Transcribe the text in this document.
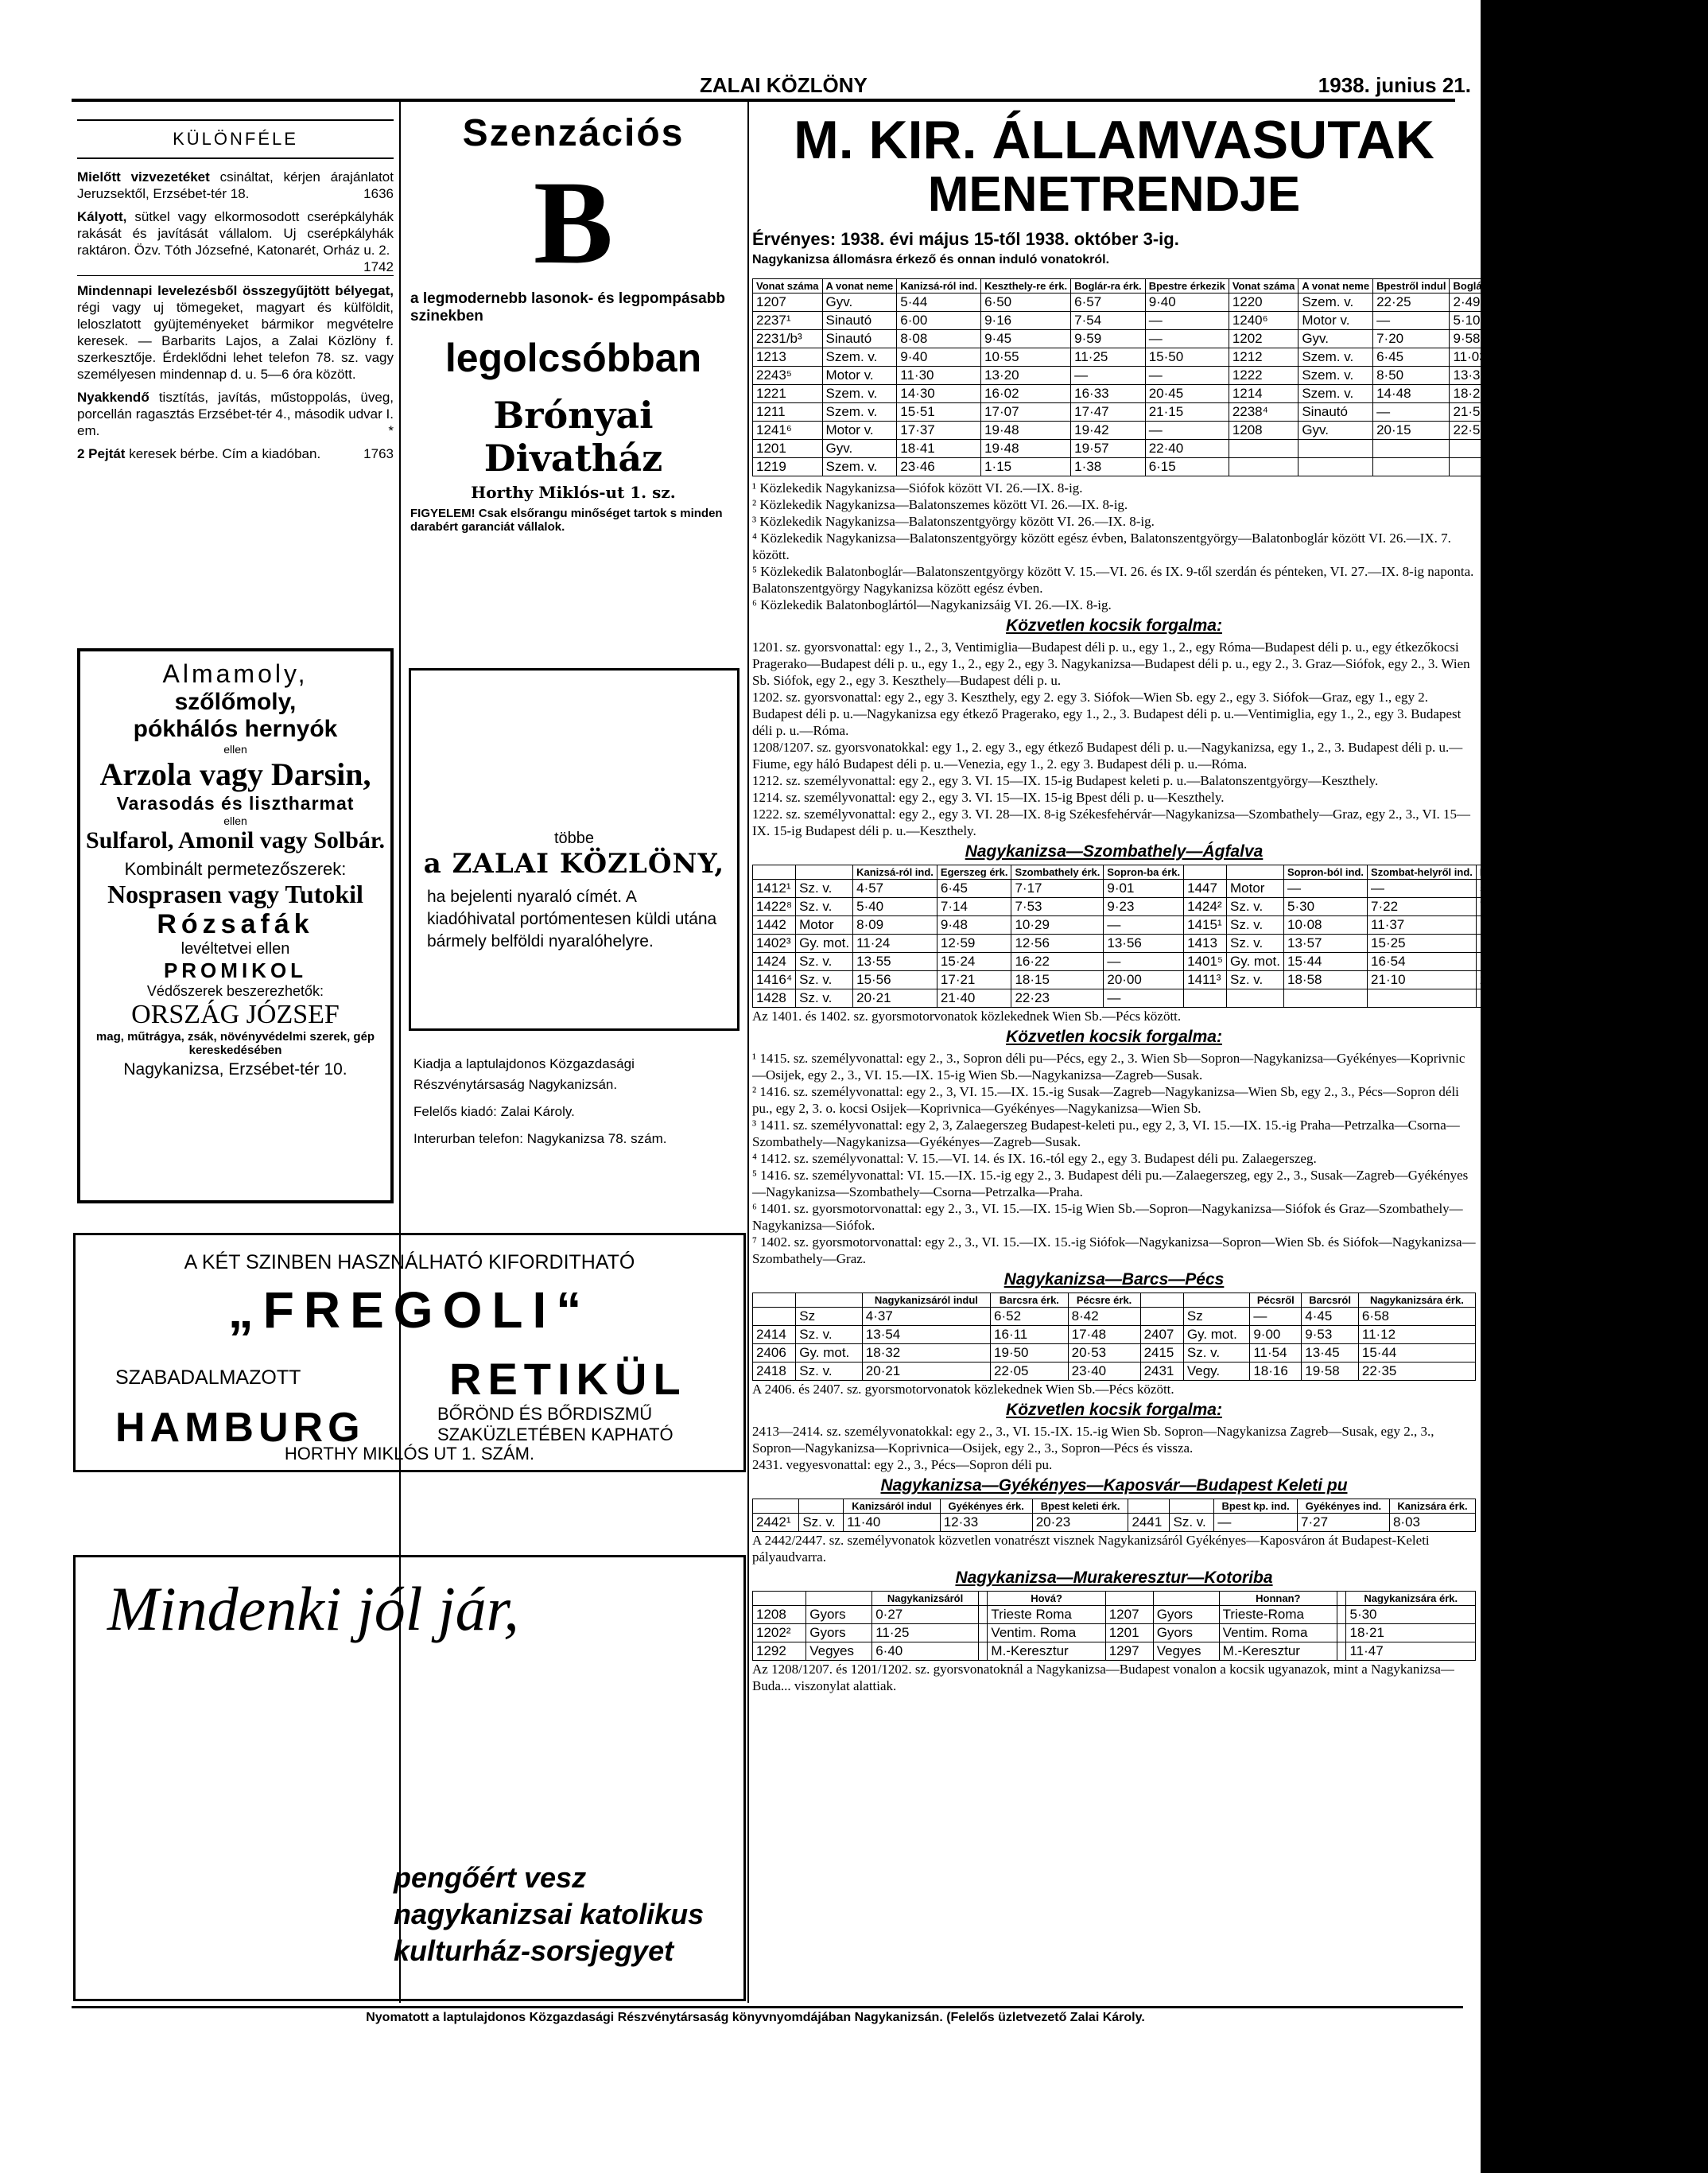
ZALAI KÖZLÖNY	1938. junius 21.
KÜLÖNFÉLE

Mielőtt vizvezetéket csináltat, kérjen árajánlatot Jeruzsektől, Erzsébet-tér 18.	1636

Kályott, sütkel vagy elkormosodott cserépkályhák rakását és javítását vállalom. Uj cserépkályhák raktáron. Özv. Tóth Józsefné, Katonarét, Orház u. 2.
1742

Mindennapi levelezésből összegyűjtött bélyegat, régi vagy uj tömegeket, magyart és külföldit, leloszlatott gyüjteményeket bármikor megvételre keresek. — Barbarits Lajos, a Zalai Közlöny f. szerkesztője. Érdeklődni lehet telefon 78. sz. vagy személyesen mindennap d. u. 5—6 óra között.

Nyakkendő tisztítás, javítás, műstoppolás, üveg, porcellán ragasztás Erzsébet-tér 4., második udvar I. em.	*

2 Pejtát keresek bérbe. Cím a kiadóban.	1763

Almamoly,
szőlőmoly,
pókhálós hernyók
ellen
Arzola vagy Darsin,
Varasodás és lisztharmat
ellen
Sulfarol, Amonil vagy Solbár.
Kombinált permetezőszerek:
Nosprasen vagy Tutokil
Rózsafák
levéltetvei ellen
PROMIKOL
Védőszerek beszerezhetők:
ORSZÁG JÓZSEF
mag, műtrágya, zsák, növényvédelmi szerek, gép kereskedésében
Nagykanizsa, Erzsébet-tér 10.
Szenzációs
B
a legmodernebb lasonok- és legpompásabb szinekben
legolcsóbban
Brónyai Divatház
Horthy Miklós-ut 1. sz.
FIGYELEM! Csak elsőrangu minőséget tartok s minden darabért garanciát vállalok.
többe
a ZALAI KÖZLÖNY,
ha bejelenti nyaraló címét. A kiadóhivatal portómentesen küldi utána bármely belföldi nyaralóhelyre.
Kiadja a laptulajdonos Közgazdasági Részvénytársaság Nagykanizsán.
Felelős kiadó: Zalai Károly.
Interurban telefon: Nagykanizsa 78. szám.
A KÉT SZINBEN HASZNÁLHATÓ KIFORDITHATÓ
„FREGOLI“
SZABADALMAZOTT	RETIKÜL
HAMBURG	BŐRÖND ÉS BŐRDISZMŰ SZAKÜZLETÉBEN KAPHATÓ
HORTHY MIKLÓS UT 1. SZÁM.
Mindenki jól jár,
pengőért vesz nagykanizsai katolikus kulturház-sorsjegyet
M. KIR. ÁLLAMVASUTAK
MENETRENDJE
Érvényes: 1938. évi május 15-től 1938. október 3-ig.
Nagykanizsa állomásra érkező és onnan induló vonatokról.
Vonat száma	A vonat neme	Kanizsá-ról ind.	Keszthely-re érk.	Boglár-ra érk.	Bpestre érkezik	Vonat száma	A vonat neme	Bpestről indul	Boglár-ról ind.	Keszthely-ről indul	Kanizsá-ra érk.
1207	Gyv.	5·44	6·50	6·57	9·40	1220	Szem. v.	22·25	2·49	3·16	4·37
2237¹	Sinautó	6·00	9·16	7·54	—	1240⁶	Motor v.	—	5·10	5·50	7·30
2231/b³	Sinautó	8·08	9·45	9·59	—	1202	Gyv.	7·20	9·58	10·05	11·15
1213	Szem. v.	9·40	10·55	11·25	15·50	1212	Szem. v.	6·45	11·03	11·10	12·55
2243⁵	Motor v.	11·30	13·20	—	—	1222	Szem. v.	8·50	13·36	14·05	15·28
1221	Szem. v.	14·30	16·02	16·33	20·45	1214	Szem. v.	14·48	18·25	18·55	20·16
1211	Szem. v.	15·51	17·07	17·47	21·15	2238⁴	Sinautó	—	21·52	20·45	23·34
1241⁶	Motor v.	17·37	19·48	19·42	—	1208	Gyv.	20·15	22·55	23·05	0·04
1201	Gyv.	18·41	19·48	19·57	22·40						
1219	Szem. v.	23·46	1·15	1·38	6·15						
¹ Közlekedik Nagykanizsa—Siófok között VI. 26.—IX. 8-ig.
² Közlekedik Nagykanizsa—Balatonszemes között VI. 26.—IX. 8-ig.
³ Közlekedik Nagykanizsa—Balatonszentgyörgy között VI. 26.—IX. 8-ig.
⁴ Közlekedik Nagykanizsa—Balatonszentgyörgy között egész évben, Balatonszentgyörgy—Balatonboglár között VI. 26.—IX. 7. között.
⁵ Közlekedik Balatonboglár—Balatonszentgyörgy között V. 15.—VI. 26. és IX. 9-től szerdán és pénteken, VI. 27.—IX. 8-ig naponta. Balatonszentgyörgy Nagykanizsa között egész évben.
⁶ Közlekedik Balatonboglártól—Nagykanizsáig VI. 26.—IX. 8-ig.
Közvetlen kocsik forgalma:
1201. sz. gyorsvonattal: egy 1., 2., 3, Ventimiglia—Budapest déli p. u., egy 1., 2., egy Róma—Budapest déli p. u., egy étkezőkocsi Pragerako—Budapest déli p. u., egy 1., 2., egy 2., egy 3. Nagykanizsa—Budapest déli p. u., egy 2., 3. Graz—Siófok, egy 2., 3. Wien Sb. Siófok, egy 2., egy 3. Keszthely—Budapest déli p. u.
1202. sz. gyorsvonattal: egy 2., egy 3. Keszthely, egy 2. egy 3. Siófok—Wien Sb. egy 2., egy 3. Siófok—Graz, egy 1., egy 2. Budapest déli p. u.—Nagykanizsa egy étkező Pragerako, egy 1., 2., 3. Budapest déli p. u.—Ventimiglia, egy 1., 2., egy 3. Budapest déli p. u.—Róma.
1208/1207. sz. gyorsvonatokkal: egy 1., 2. egy 3., egy étkező Budapest déli p. u.—Nagykanizsa, egy 1., 2., 3. Budapest déli p. u.—Fiume, egy háló Budapest déli p. u.—Venezia, egy 1., 2. egy 3. Budapest déli p. u.—Róma.
1212. sz. személyvonattal: egy 2., egy 3. VI. 15—IX. 15-ig Budapest keleti p. u.—Balatonszentgyörgy—Keszthely.
1214. sz. személyvonattal: egy 2., egy 3. VI. 15—IX. 15-ig Bpest déli p. u—Keszthely.
1222. sz. személyvonattal: egy 2., egy 3. VI. 28—IX. 8-ig Székesfehérvár—Nagykanizsa—Szombathely—Graz, egy 2., 3., VI. 15—IX. 15-ig Budapest déli p. u.—Keszthely.
Nagykanizsa—Szombathely—Ágfalva
		Kanizsá-ról ind.	Egerszeg érk.	Szombathely érk.	Sopron-ba érk.			Sopron-ból ind.	Szombat-helyről ind.	Egerszeg ind.	Kanizsá-ra érk.
1412¹	Sz. v.	4·57	6·45	7·17	9·01	1447	Motor	—	—	5·60	7·25
1422⁸	Sz. v.	5·40	7·14	7·53	9·23	1424²	Sz. v.	5·30	7·22	7·56	9·32
1442	Motor	8·09	9·48	10·29	—	1415¹	Sz. v.	10·08	11·37	11·52	13·45
1402³	Gy. mot.	11·24	12·59	12·56	13·56	1413	Sz. v.	13·57	15·25	16·09	17·34
1424	Sz. v.	13·55	15·24	16·22	—	1401⁵	Gy. mot.	15·44	16·54	17·23	18·27
1416⁴	Sz. v.	15·56	17·21	18·15	20·00	1411³	Sz. v.	18·58	21·10	21·47	23·26
1428	Sz. v.	20·21	21·40	22·23	—						
Az 1401. és 1402. sz. gyorsmotorvonatok közlekednek Wien Sb.—Pécs között.
Közvetlen kocsik forgalma:
¹ 1415. sz. személyvonattal: egy 2., 3., Sopron déli pu—Pécs, egy 2., 3. Wien Sb—Sopron—Nagykanizsa—Gyékényes—Koprivnic—Osijek, egy 2., 3., VI. 15.—IX. 15-ig Wien Sb.—Nagykanizsa—Zagreb—Susak.
² 1416. sz. személyvonattal: egy 2., 3, VI. 15.—IX. 15.-ig Susak—Zagreb—Nagykanizsa—Wien Sb, egy 2., 3., Pécs—Sopron déli pu., egy 2, 3. o. kocsi Osijek—Koprivnica—Gyékényes—Nagykanizsa—Wien Sb.
³ 1411. sz. személyvonattal: egy 2, 3, Zalaegerszeg Budapest-keleti pu., egy 2, 3, VI. 15.—IX. 15.-ig Praha—Petrzalka—Csorna—Szombathely—Nagykanizsa—Gyékényes—Zagreb—Susak.
⁴ 1412. sz. személyvonattal: V. 15.—VI. 14. és IX. 16.-tól egy 2., egy 3. Budapest déli pu. Zalaegerszeg.
⁵ 1416. sz. személyvonattal: VI. 15.—IX. 15.-ig egy 2., 3. Budapest déli pu.—Zalaegerszeg, egy 2., 3., Susak—Zagreb—Gyékényes—Nagykanizsa—Szombathely—Csorna—Petrzalka—Praha.
⁶ 1401. sz. gyorsmotorvonattal: egy 2., 3., VI. 15.—IX. 15-ig Wien Sb.—Sopron—Nagykanizsa—Siófok és Graz—Szombathely—Nagykanizsa—Siófok.
⁷ 1402. sz. gyorsmotorvonattal: egy 2., 3., VI. 15.—IX. 15.-ig Siófok—Nagykanizsa—Sopron—Wien Sb. és Siófok—Nagykanizsa—Szombathely—Graz.
Nagykanizsa—Barcs—Pécs
		Nagykanizsáról indul	Barcsra érk.	Pécsre érk.			Pécsről	Barcsról	Nagykanizsára érk.
	Sz	4·37	6·52	8·42		Sz	—	4·45	6·58
2414	Sz. v.	13·54	16·11	17·48	2407	Gy. mot.	9·00	9·53	11·12
2406	Gy. mot.	18·32	19·50	20·53	2415	Sz. v.	11·54	13·45	15·44
2418	Sz. v.	20·21	22·05	23·40	2431	Vegy.	18·16	19·58	22·35
A 2406. és 2407. sz. gyorsmotorvonatok közlekednek Wien Sb.—Pécs között.
Közvetlen kocsik forgalma:
2413—2414. sz. személyvonatokkal: egy 2., 3., VI. 15.-IX. 15.-ig Wien Sb. Sopron—Nagykanizsa Zagreb—Susak, egy 2., 3., Sopron—Nagykanizsa—Koprivnica—Osijek, egy 2., 3., Sopron—Pécs és vissza.
2431. vegyesvonattal: egy 2., 3., Pécs—Sopron déli pu.
Nagykanizsa—Gyékényes—Kaposvár—Budapest Keleti pu
		Kanizsáról indul	Gyékényes érk.	Bpest keleti érk.			Bpest kp. ind.	Gyékényes ind.	Kanizsára érk.
2442¹	Sz. v.	11·40	12·33	20·23	2441	Sz. v.	—	7·27	8·03
A 2442/2447. sz. személyvonatok közvetlen vonatrészt visznek Nagykanizsáról Gyékényes—Kaposváron át Budapest-Keleti pályaudvarra.
Nagykanizsa—Murakeresztur—Kotoriba
		Nagykanizsáról		Hová?			Honnan?		Nagykanizsára érk.
1208	Gyors	0·27		Trieste Roma	1207	Gyors	Trieste-Roma		5·30
1202²	Gyors	11·25		Ventim. Roma	1201	Gyors	Ventim. Roma		18·21
1292	Vegyes	6·40		M.-Keresztur	1297	Vegyes	M.-Keresztur		11·47
Az 1208/1207. és 1201/1202. sz. gyorsvonatoknál a Nagykanizsa—Budapest vonalon a kocsik ugyanazok, mint a Nagykanizsa—Buda... viszonylat alattiak.
Nyomatott a laptulajdonos Közgazdasági Részvénytársaság könyvnyomdájában Nagykanizsán. (Felelős üzletvezető Zalai Károly.
